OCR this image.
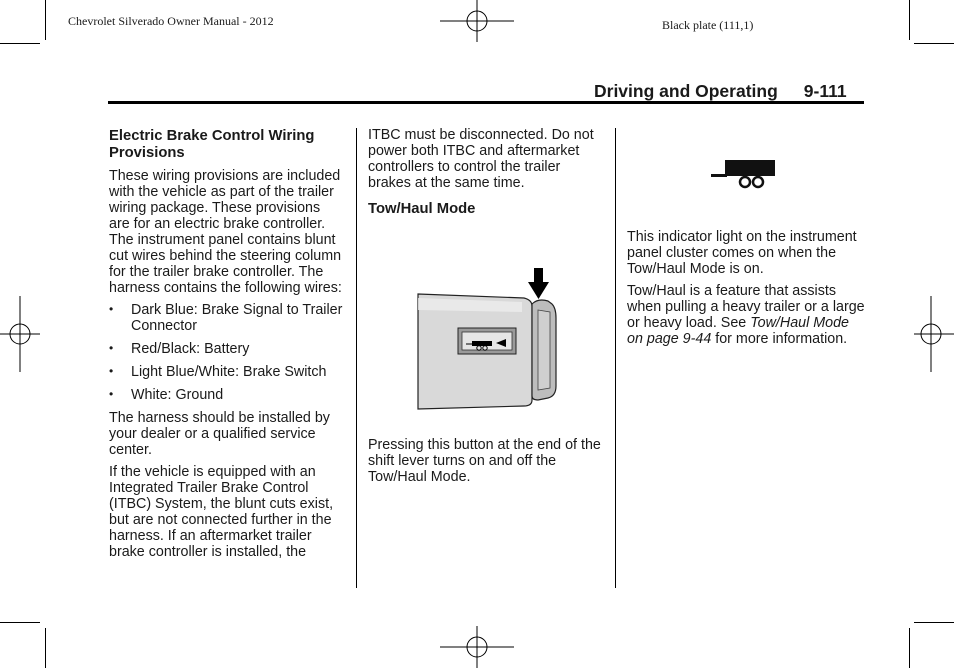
Chevrolet Silverado Owner Manual - 2012	Black plate (111,1)
Driving and Operating 9-111
Electric Brake Control Wiring Provisions

These wiring provisions are included with the vehicle as part of the trailer wiring package. These provisions are for an electric brake controller. The instrument panel contains blunt cut wires behind the steering column for the trailer brake controller. The harness contains the following wires:

• Dark Blue: Brake Signal to Trailer Connector
• Red/Black: Battery
• Light Blue/White: Brake Switch
• White: Ground

The harness should be installed by your dealer or a qualified service center.

If the vehicle is equipped with an Integrated Trailer Brake Control (ITBC) System, the blunt cuts exist, but are not connected further in the harness. If an aftermarket trailer brake controller is installed, the

ITBC must be disconnected. Do not power both ITBC and aftermarket controllers to control the trailer brakes at the same time.

Tow/Haul Mode

Pressing this button at the end of the shift lever turns on and off the Tow/Haul Mode.

This indicator light on the instrument panel cluster comes on when the Tow/Haul Mode is on.

Tow/Haul is a feature that assists when pulling a heavy trailer or a large or heavy load. See Tow/Haul Mode on page 9-44 for more information.
